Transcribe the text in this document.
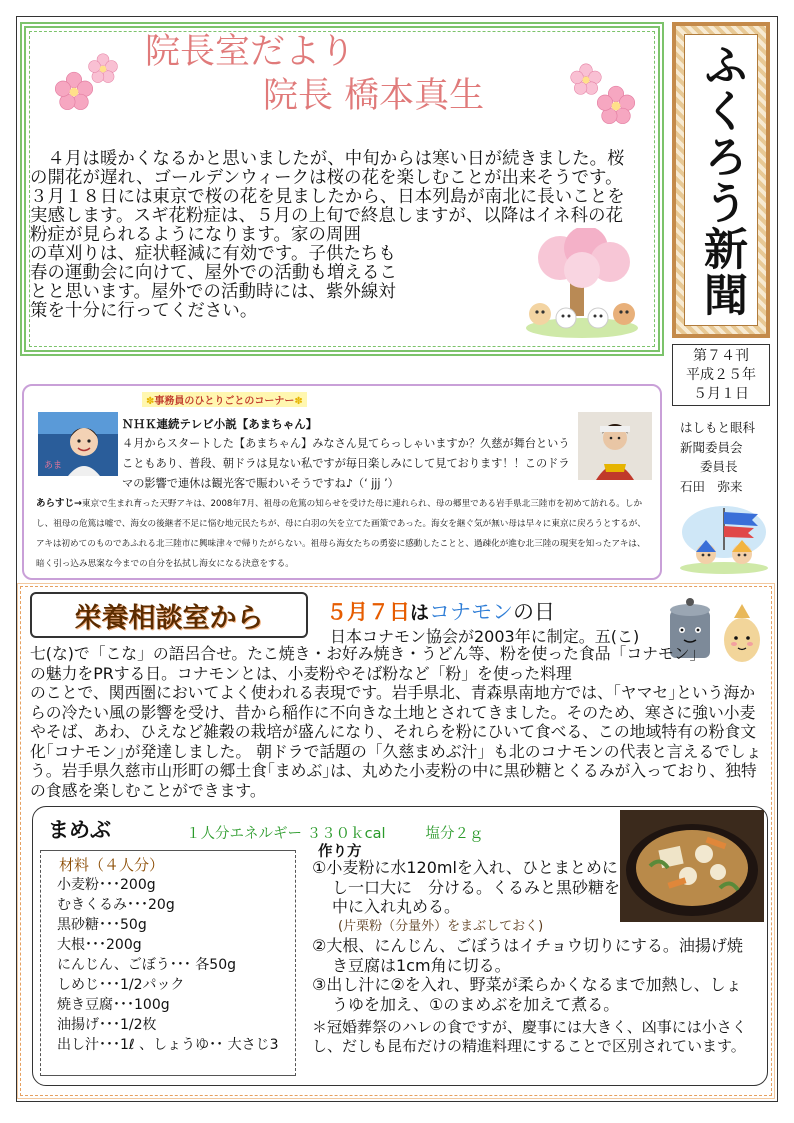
院長室だより
院長 橋本真生

４月は暖かくなるかと思いましたが、中旬からは寒い日が続きました。桜の開花が遅れ、ゴールデンウィークは桜の花を楽しむことが出来そうです。３月１８日には東京で桜の花を見ましたから、日本列島が南北に長いことを実感します。スギ花粉症は、５月の上旬で終息しますが、以降はイネ科の花粉症が見られるようになります。家の周囲

の草刈りは、症状軽減に有効です。子供たちも春の運動会に向けて、屋外での活動も増えることと思います。屋外での活動時には、紫外線対策を十分に行ってください。	ふくろう新聞
第７４刊
平成２５年
５月１日
はしもと眼科
新聞委員会
委員長
石田　弥来
✽事務員のひとりごとのコーナー✽
あま
ＮＨＫ連続テレビ小説【あまちゃん】
４月からスタートした【あまちゃん】みなさん見てらっしゃいますか？久慈が舞台ということもあり、普段、朝ドラは見ない私ですが毎日楽しみにして見ております！！このドラマの影響で連休は観光客で賑わいそうですね♪（‘ jjj ’）
あらすじ→東京で生まれ育った天野アキは、2008年7月、祖母の危篤の知らせを受けた母に連れられ、母の郷里である岩手県北三陸市を初めて訪れる。しかし、祖母の危篤は嘘で、海女の後継者不足に悩む地元民たちが、母に白羽の矢を立てた画策であった。海女を継ぐ気が無い母は早々に東京に戻ろうとするが、アキは初めてのものであふれる北三陸市に興味津々で帰りたがらない。祖母ら海女たちの勇姿に感動したことと、過疎化が進む北三陸の現実を知ったアキは、暗く引っ込み思案な今までの自分を払拭し海女になる決意をする。
栄養相談室から	５月７日はコナモンの日
日本コナモン協会が2003年に制定。五(こ)

七(な)で「こな」の語呂合せ。たこ焼き・お好み焼き・うどん等、粉を使った食品「コナモン」の魅力をPRする日。コナモンとは、小麦粉やそば粉など「粉」を使った料理

のことで、関西圏においてよく使われる表現です。岩手県北、青森県南地方では、｢ヤマセ｣という海からの冷たい風の影響を受け、昔から稲作に不向きな土地とされてきました。そのため、寒さに強い小麦やそば、あわ、ひえなど雑穀の栽培が盛んになり、それらを粉にひいて食べる、この地域特有の粉食文化｢コナモン｣が発達しました。 朝ドラで話題の「久慈まめぶ汁」も北のコナモンの代表と言えるでしょう。岩手県久慈市山形町の郷土食｢まめぶ｣は、丸めた小麦粉の中に黒砂糖とくるみが入っており、独特の食感を楽しむことができます。

まめぶ	１人分エネルギー ３３０ｋcal	塩分２ｇ
材料（４人分）
小麦粉･･･200g
むきくるみ･･･20g
黒砂糖･･･50g
大根･･･200g
にんじん、ごぼう･･･ 各50g
しめじ･･･1/2パック
焼き豆腐･･･100g
油揚げ･･･1/2枚
出し汁･･･1ℓ 、しょうゆ･･ 大さじ3
作り方

①小麦粉に水120mlを入れ、ひとまとめにし一口大に　分ける。くるみと黒砂糖を中に入れ丸める。

(片栗粉（分量外）をまぶしておく)

②大根、にんじん、ごぼうはイチョウ切りにする。油揚げ焼き豆腐は1cm角に切る。

③出し汁に②を入れ、野菜が柔らかくなるまで加熱し、しょうゆを加え、①のまめぶを加えて煮る。

＊冠婚葬祭のハレの食ですが、慶事には大きく、凶事には小さくし、だしも昆布だけの精進料理にすることで区別されています。
